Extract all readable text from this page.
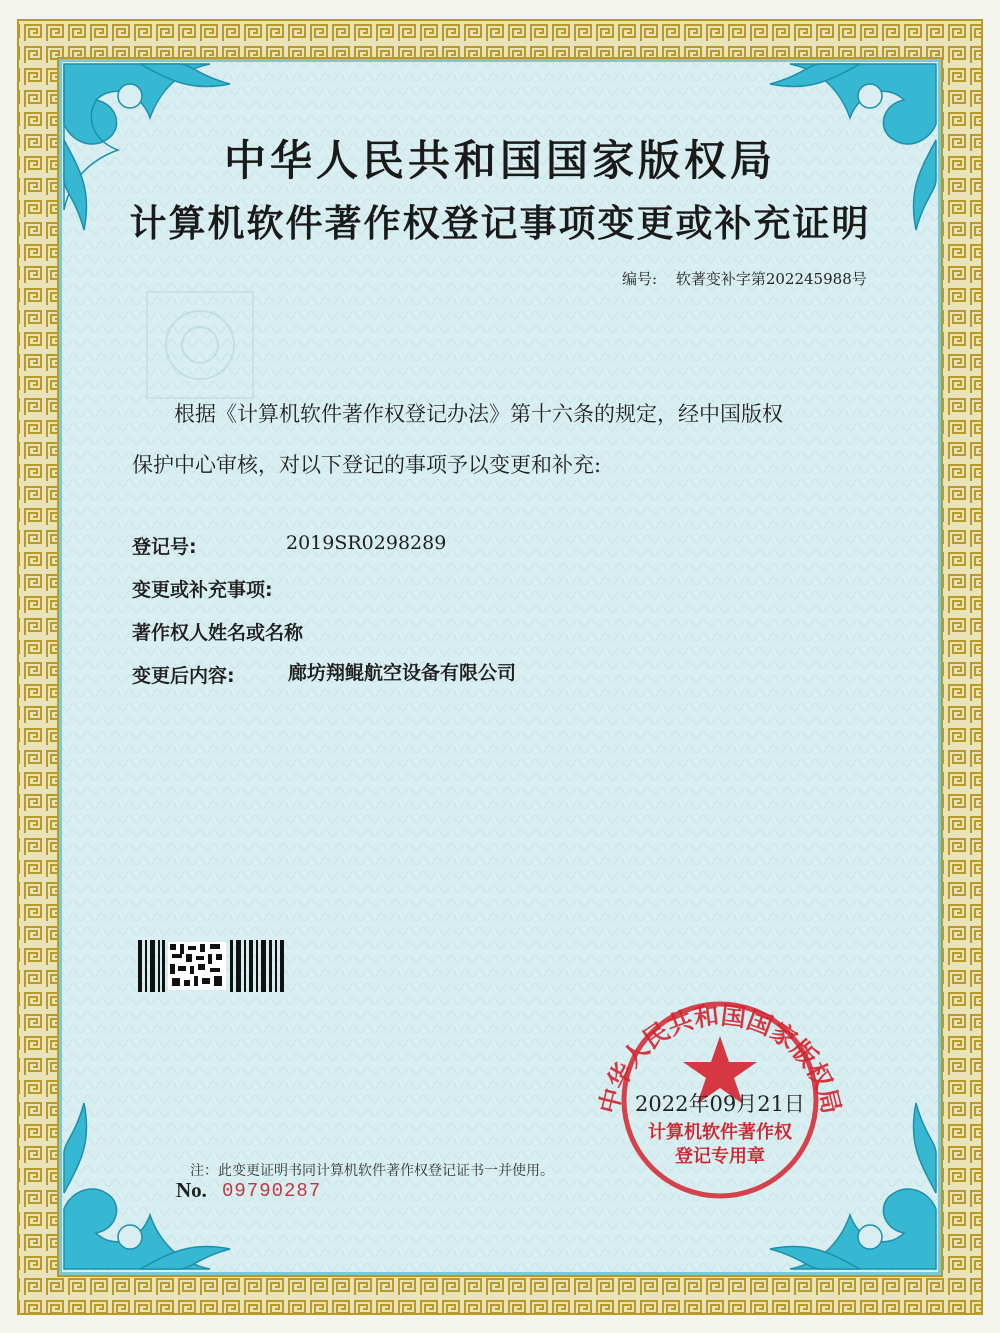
中华人民共和国国家版权局
计算机软件著作权登记事项变更或补充证明
编号: 软著变补字第202245988号
根据《计算机软件著作权登记办法》第十六条的规定，经中国版权
保护中心审核，对以下登记的事项予以变更和补充:
登记号:	2019SR0298289
变更或补充事项:
著作权人姓名或名称
变更后内容:	廊坊翔鲲航空设备有限公司
中华人民共和国国家版权局
2022年09月21日
计算机软件著作权
登记专用章
注：此变更证明书同计算机软件著作权登记证书一并使用。
No. 09790287
